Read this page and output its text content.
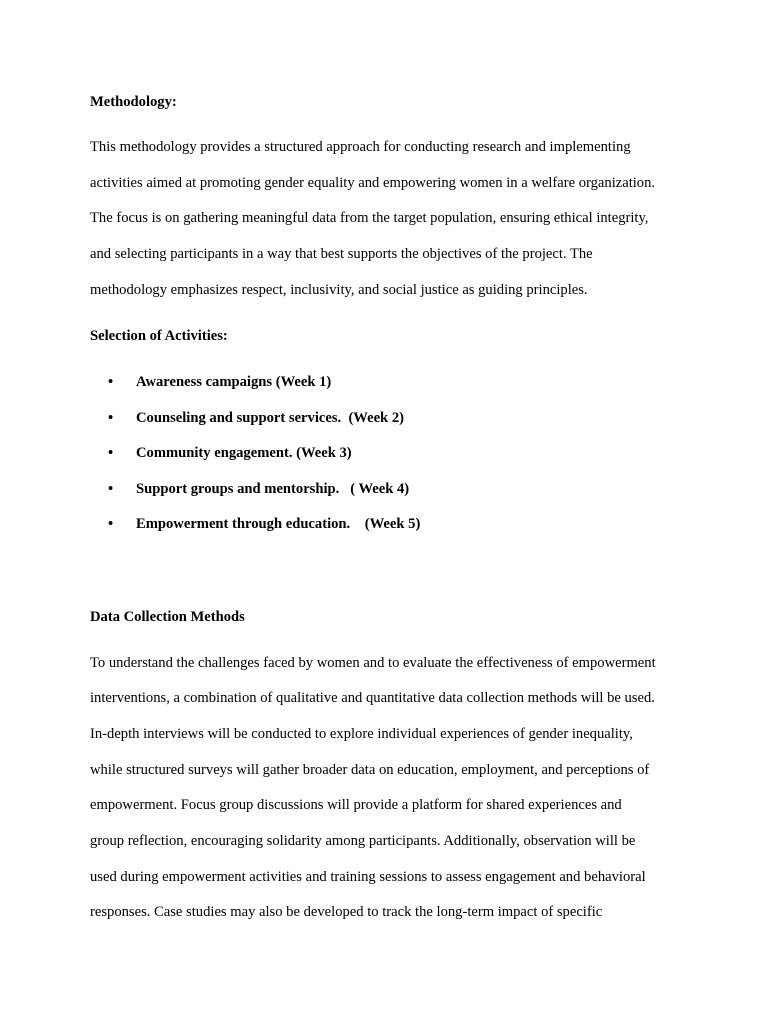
Methodology:
This methodology provides a structured approach for conducting research and implementing
activities aimed at promoting gender equality and empowering women in a welfare organization.
The focus is on gathering meaningful data from the target population, ensuring ethical integrity,
and selecting participants in a way that best supports the objectives of the project. The
methodology emphasizes respect, inclusivity, and social justice as guiding principles.
Selection of Activities:
• Awareness campaigns (Week 1)
• Counseling and support services.  (Week 2)
• Community engagement. (Week 3)
• Support groups and mentorship.   ( Week 4)
• Empowerment through education.    (Week 5)
Data Collection Methods
To understand the challenges faced by women and to evaluate the effectiveness of empowerment
interventions, a combination of qualitative and quantitative data collection methods will be used.
In-depth interviews will be conducted to explore individual experiences of gender inequality,
while structured surveys will gather broader data on education, employment, and perceptions of
empowerment. Focus group discussions will provide a platform for shared experiences and
group reflection, encouraging solidarity among participants. Additionally, observation will be
used during empowerment activities and training sessions to assess engagement and behavioral
responses. Case studies may also be developed to track the long-term impact of specific
